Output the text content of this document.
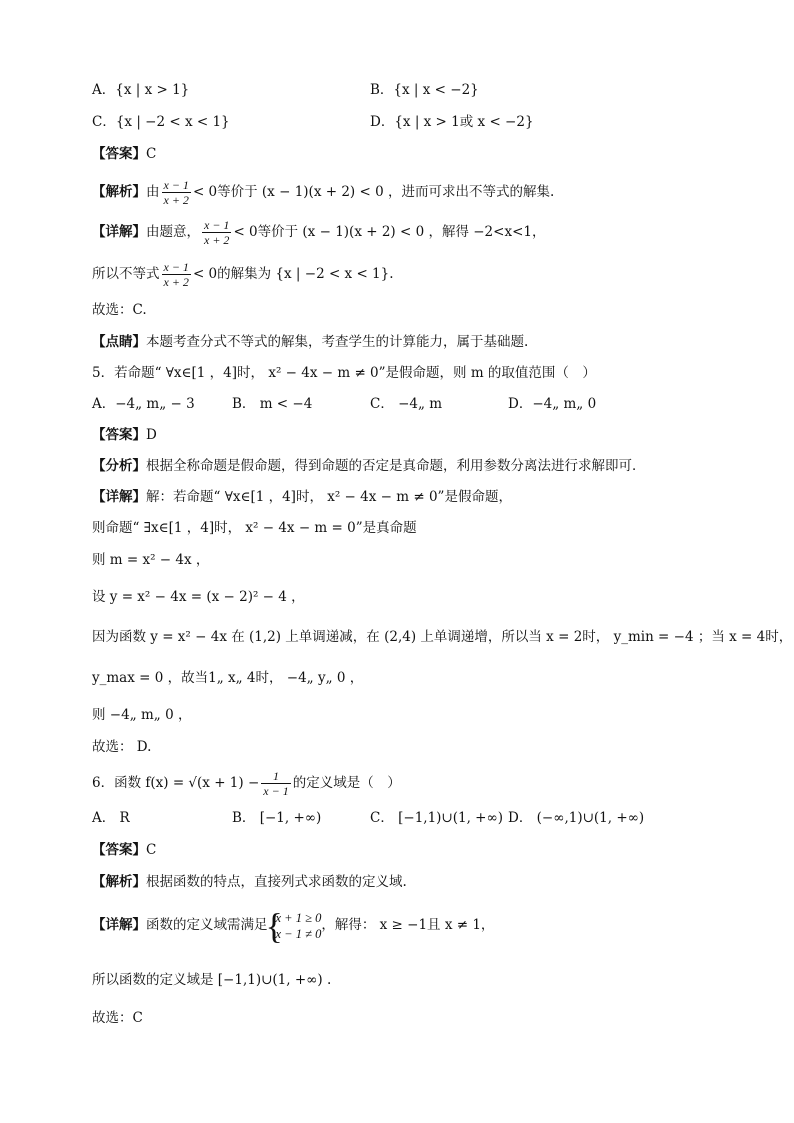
A．{x | x > 1}	B．{x | x < −2}
C．{x | −2 < x < 1}	D．{x | x > 1或 x < −2}
【答案】C
【解析】由 $\frac{x - 1}{x + 2} < 0$等价于 (x − 1)(x + 2) < 0 ，进而可求出不等式的解集.
【详解】由题意， $\frac{x - 1}{x + 2} < 0$等价于 (x − 1)(x + 2) < 0 ，解得 −2<x<1，
所以不等式 $\frac{x - 1}{x + 2} < 0$的解集为 {x | −2 < x < 1}.
故选：C.
【点睛】本题考查分式不等式的解集，考查学生的计算能力，属于基础题.
5．若命题“ ∀x∈[1 ，4]时， x² − 4x − m ≠ 0”是假命题，则 m 的取值范围（　）
A．−4„ m„ − 3	B． m < −4	C． −4„ m	D．−4„ m„ 0
【答案】D
【分析】根据全称命题是假命题，得到命题的否定是真命题，利用参数分离法进行求解即可．
【详解】解：若命题“ ∀x∈[1 ，4]时， x² − 4x − m ≠ 0”是假命题，
则命题“ ∃x∈[1 ，4]时， x² − 4x − m = 0”是真命题
则 m = x² − 4x ，
设 y = x² − 4x = (x − 2)² − 4 ，
因为函数 y = x² − 4x 在 (1,2) 上单调递减，在 (2,4) 上单调递增，所以当 x = 2时， y_min = −4 ；当 x = 4时，
y_max = 0 ，故当1„ x„ 4时， −4„ y„ 0 ，
则 −4„ m„ 0 ，
故选： D.
6．函数 $f(x) = √(x + 1) - \frac{1}{x - 1}$ 的定义域是（　）
A． R	B． [−1, +∞)	C． [−1,1)∪(1, +∞) D． (−∞,1)∪(1, +∞)
【答案】C
【解析】根据函数的特点，直接列式求函数的定义域.
【详解】函数的定义域需满足
{ x + 1 ≥ 0
x − 1 ≠ 0
，解得： x ≥ −1且 x ≠ 1，
所以函数的定义域是 [−1,1)∪(1, +∞) .
故选：C
